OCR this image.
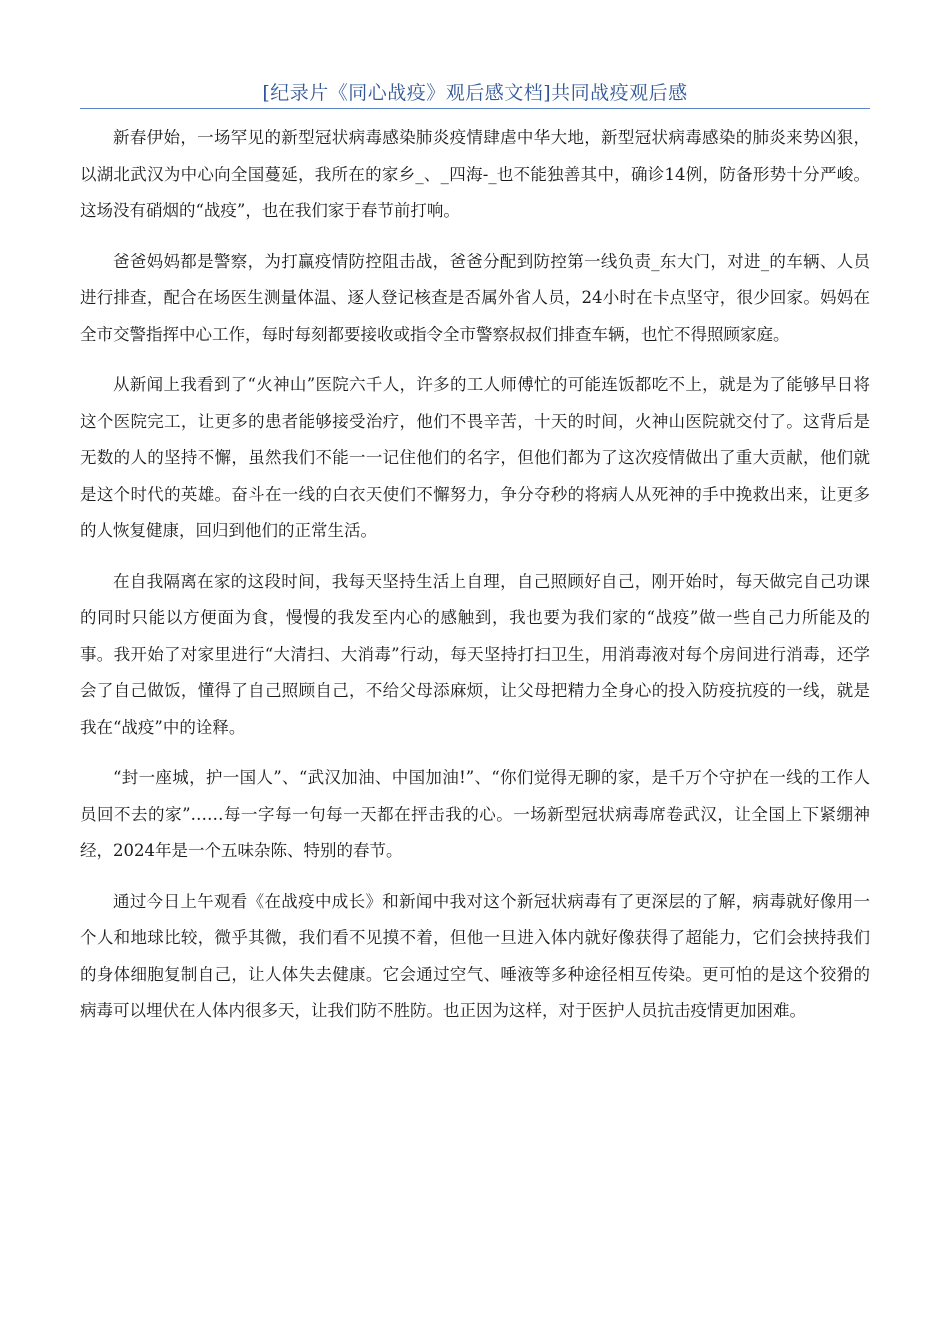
[纪录片《同心战疫》观后感文档]共同战疫观后感

新春伊始，一场罕见的新型冠状病毒感染肺炎疫情肆虐中华大地，新型冠状病毒感染的肺炎来势凶狠，以湖北武汉为中心向全国蔓延，我所在的家乡_、_四海-_也不能独善其中，确诊14例，防备形势十分严峻。这场没有硝烟的“战疫”，也在我们家于春节前打响。

爸爸妈妈都是警察，为打赢疫情防控阻击战，爸爸分配到防控第一线负责_东大门，对进_的车辆、人员进行排查，配合在场医生测量体温、逐人登记核查是否属外省人员，24小时在卡点坚守，很少回家。妈妈在全市交警指挥中心工作，每时每刻都要接收或指令全市警察叔叔们排查车辆，也忙不得照顾家庭。

从新闻上我看到了“火神山”医院六千人，许多的工人师傅忙的可能连饭都吃不上，就是为了能够早日将这个医院完工，让更多的患者能够接受治疗，他们不畏辛苦，十天的时间，火神山医院就交付了。这背后是无数的人的坚持不懈，虽然我们不能一一记住他们的名字，但他们都为了这次疫情做出了重大贡献，他们就是这个时代的英雄。奋斗在一线的白衣天使们不懈努力，争分夺秒的将病人从死神的手中挽救出来，让更多的人恢复健康，回归到他们的正常生活。

在自我隔离在家的这段时间，我每天坚持生活上自理，自己照顾好自己，刚开始时，每天做完自己功课的同时只能以方便面为食，慢慢的我发至内心的感触到，我也要为我们家的“战疫”做一些自己力所能及的事。我开始了对家里进行“大清扫、大消毒”行动，每天坚持打扫卫生，用消毒液对每个房间进行消毒，还学会了自己做饭，懂得了自己照顾自己，不给父母添麻烦，让父母把精力全身心的投入防疫抗疫的一线，就是我在“战疫”中的诠释。

“封一座城，护一国人”、“武汉加油、中国加油!”、“你们觉得无聊的家，是千万个守护在一线的工作人员回不去的家”……每一字每一句每一天都在抨击我的心。一场新型冠状病毒席卷武汉，让全国上下紧绷神经，2024年是一个五味杂陈、特别的春节。

通过今日上午观看《在战疫中成长》和新闻中我对这个新冠状病毒有了更深层的了解，病毒就好像用一个人和地球比较，微乎其微，我们看不见摸不着，但他一旦进入体内就好像获得了超能力，它们会挟持我们的身体细胞复制自己，让人体失去健康。它会通过空气、唾液等多种途径相互传染。更可怕的是这个狡猾的病毒可以埋伏在人体内很多天，让我们防不胜防。也正因为这样，对于医护人员抗击疫情更加困难。
